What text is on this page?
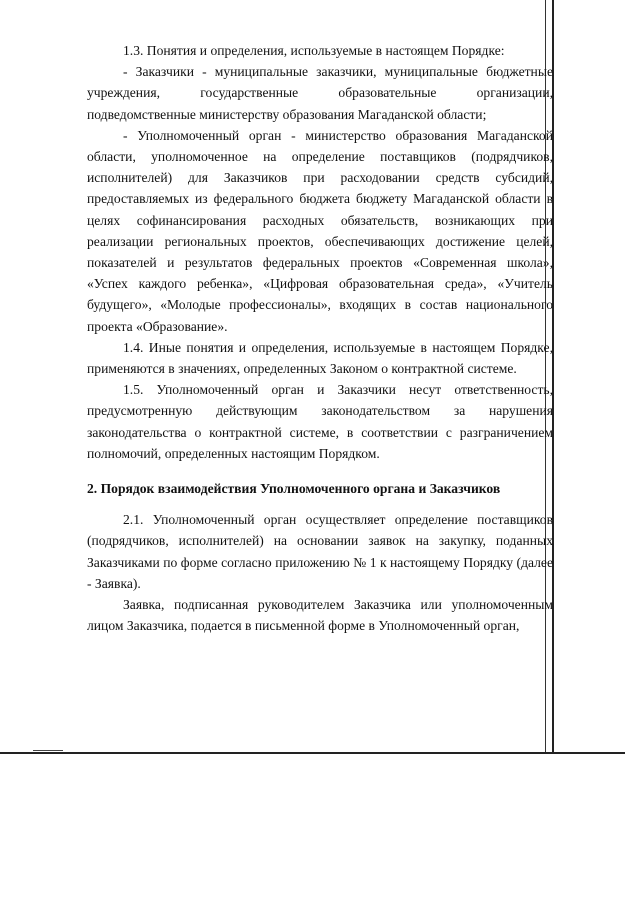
1.3. Понятия и определения, используемые в настоящем Порядке:

- Заказчики - муниципальные заказчики, муниципальные бюджетные учреждения, государственные образовательные организации, подведомственные министерству образования Магаданской области;

- Уполномоченный орган - министерство образования Магаданской области, уполномоченное на определение поставщиков (подрядчиков, исполнителей) для Заказчиков при расходовании средств субсидий, предоставляемых из федерального бюджета бюджету Магаданской области в целях софинансирования расходных обязательств, возникающих при реализации региональных проектов, обеспечивающих достижение целей, показателей и результатов федеральных проектов «Современная школа», «Успех каждого ребенка», «Цифровая образовательная среда», «Учитель будущего», «Молодые профессионалы», входящих в состав национального проекта «Образование».

1.4. Иные понятия и определения, используемые в настоящем Порядке, применяются в значениях, определенных Законом о контрактной системе.

1.5. Уполномоченный орган и Заказчики несут ответственность, предусмотренную действующим законодательством за нарушения законодательства о контрактной системе, в соответствии с разграничением полномочий, определенных настоящим Порядком.

2. Порядок взаимодействия Уполномоченного органа и Заказчиков

2.1. Уполномоченный орган осуществляет определение поставщиков (подрядчиков, исполнителей) на основании заявок на закупку, поданных Заказчиками по форме согласно приложению № 1 к настоящему Порядку (далее - Заявка).

Заявка, подписанная руководителем Заказчика или уполномоченным лицом Заказчика, подается в письменной форме в Уполномоченный орган,
